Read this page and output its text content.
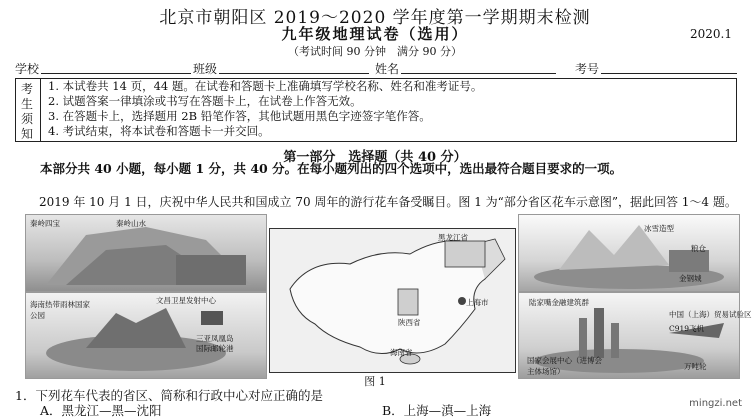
北京市朝阳区 2019～2020 学年度第一学期期末检测
九年级地理试卷（选用）	2020.1
（考试时间 90 分钟　满分 90 分）
学校	班级	姓名	考号
考
生
须
知
1. 本试卷共 14 页，44 题。在试卷和答题卡上准确填写学校名称、姓名和准考证号。
2. 试题答案一律填涂或书写在答题卡上，在试卷上作答无效。
3. 在答题卡上，选择题用 2B 铅笔作答，其他试题用黑色字迹签字笔作答。
4. 考试结束，将本试卷和答题卡一并交回。
第一部分　选择题（共 40 分）
本部分共 40 小题，每小题 1 分，共 40 分。在每小题列出的四个选项中，选出最符合题目要求的一项。
2019 年 10 月 1 日，庆祝中华人民共和国成立 70 周年的游行花车备受瞩目。图 1 为“部分省区花车示意图”，据此回答 1～4 题。
秦岭四宝	秦岭山水
海南热带雨林国家公园
文昌卫星发射中心
三亚凤凰岛
国际邮轮港
陕西省
黑龙江省
上海市
海南省
冰雪造型
粮仓
金钢城
陆家嘴金融建筑群
中国（上海）贸易试验区
C919飞机
国家会展中心（进博会主体场馆）
万吨轮
图 1
1．下列花车代表的省区、简称和行政中心对应正确的是
A．黑龙江—黑—沈阳	B．上海—滇—上海	mingzi.net
